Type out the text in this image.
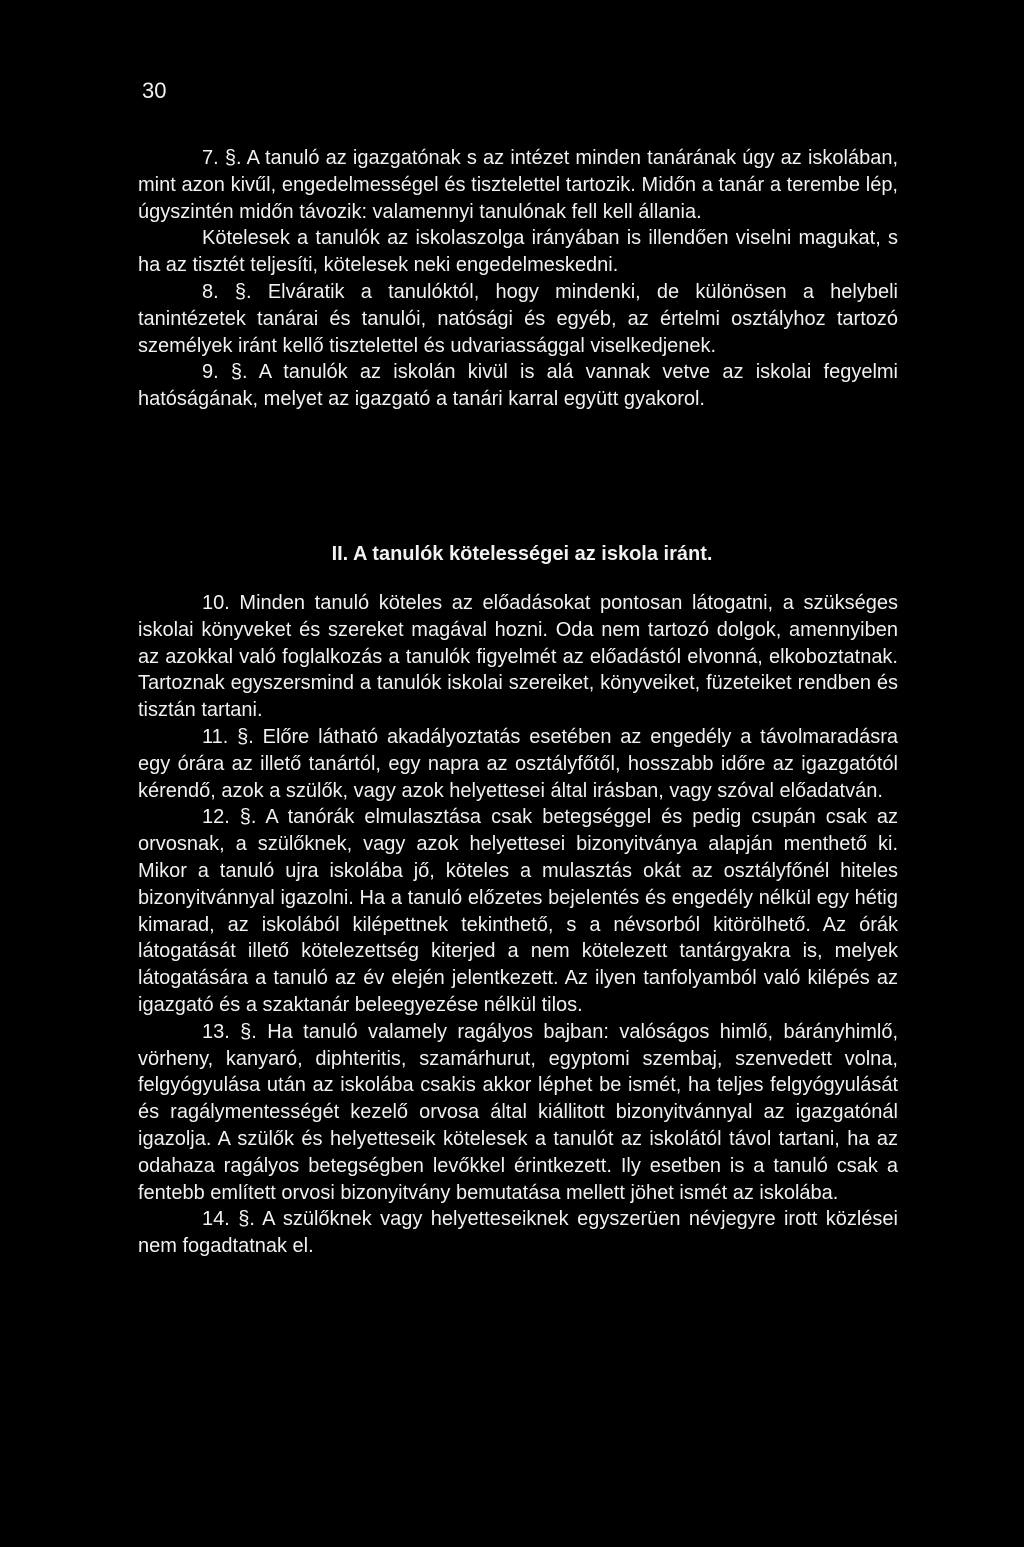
30

7. §. A tanuló az igazgatónak s az intézet minden tanárának úgy az iskolában, mint azon kivűl, engedelmességel és tisztelettel tartozik. Midőn a tanár a terembe lép, úgyszintén midőn távozik: valamennyi tanulónak fell kell állania.

Kötelesek a tanulók az iskolaszolga irányában is illendően viselni magukat, s ha az tisztét teljesíti, kötelesek neki engedelmeskedni.

8. §. Elváratik a tanulóktól, hogy mindenki, de különösen a helybeli tanintézetek tanárai és tanulói, natósági és egyéb, az értelmi osztályhoz tartozó személyek iránt kellő tisztelettel és udvariassággal viselkedjenek.

9. §. A tanulók az iskolán kivül is alá vannak vetve az iskolai fegyelmi hatóságának, melyet az igazgató a tanári karral együtt gyakorol.

II. A tanulók kötelességei az iskola iránt.

10. Minden tanuló köteles az előadásokat pontosan látogatni, a szükséges iskolai könyveket és szereket magával hozni. Oda nem tartozó dolgok, amennyiben az azokkal való foglalkozás a tanulók figyelmét az előadástól elvonná, elkoboztatnak. Tartoznak egyszersmind a tanulók iskolai szereiket, könyveiket, füzeteiket rendben és tisztán tartani.

11. §. Előre látható akadályoztatás esetében az engedély a távolmaradásra egy órára az illető tanártól, egy napra az osztályfőtől, hosszabb időre az igazgatótól kérendő, azok a szülők, vagy azok helyettesei által irásban, vagy szóval előadatván.

12. §. A tanórák elmulasztása csak betegséggel és pedig csupán csak az orvosnak, a szülőknek, vagy azok helyettesei bizonyitványa alapján menthető ki. Mikor a tanuló ujra iskolába jő, köteles a mulasztás okát az osztályfőnél hiteles bizonyitvánnyal igazolni. Ha a tanuló előzetes bejelentés és engedély nélkül egy hétig kimarad, az iskolából kilépettnek tekinthető, s a névsorból kitörölhető. Az órák látogatását illető kötelezettség kiterjed a nem kötelezett tantárgyakra is, melyek látogatására a tanuló az év elején jelentkezett. Az ilyen tanfolyamból való kilépés az igazgató és a szaktanár beleegyezése nélkül tilos.

13. §. Ha tanuló valamely ragályos bajban: valóságos himlő, bárányhimlő, vörheny, kanyaró, diphteritis, szamárhurut, egyptomi szembaj, szenvedett volna, felgyógyulása után az iskolába csakis akkor léphet be ismét, ha teljes felgyógyulását és ragálymentességét kezelő orvosa által kiállitott bizonyitvánnyal az igazgatónál igazolja. A szülők és helyetteseik kötelesek a tanulót az iskolától távol tartani, ha az odahaza ragályos betegségben levőkkel érintkezett. Ily esetben is a tanuló csak a fentebb említett orvosi bizonyitvány bemutatása mellett jöhet ismét az iskolába.

14. §. A szülőknek vagy helyetteseiknek egyszerüen névjegyre irott közlései nem fogadtatnak el.
